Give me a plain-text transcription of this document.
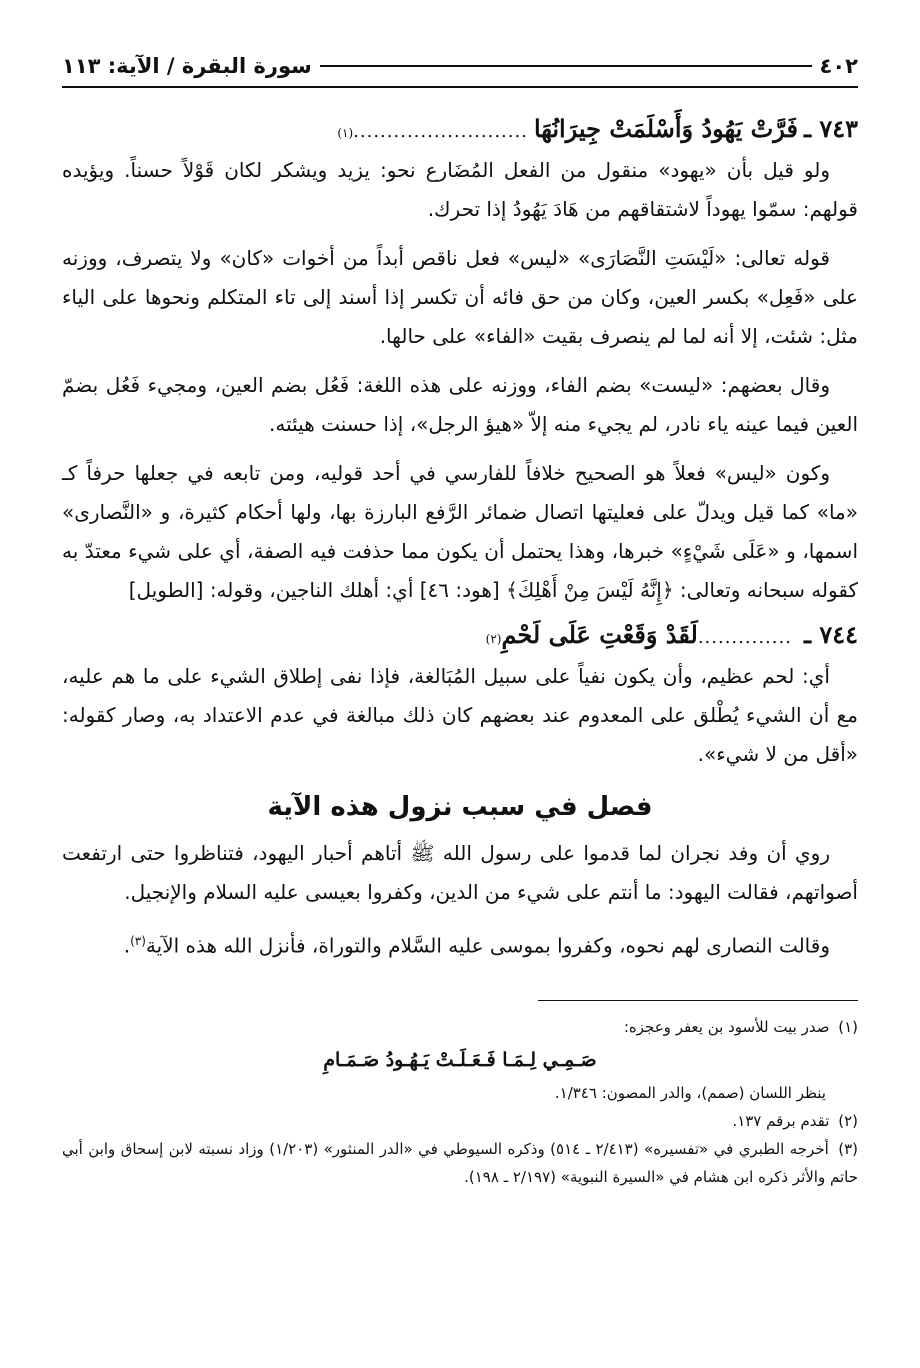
٤٠٢
سورة البقرة / الآية: ١١٣
٧٤٣ ـ
فَرَّتْ يَهُودُ وَأَسْلَمَتْ جِيرَانُهَا
..........................
(١)

ولو قيل بأن «يهود» منقول من الفعل المُضَارع نحو: يزيد ويشكر لكان قَوْلاً حسناً. ويؤيده قولهم: سمّوا يهوداً لاشتقاقهم من هَادَ يَهُودُ إذا تحرك.

قوله تعالى: «لَيْسَتِ النَّصَارَى» «ليس» فعل ناقص أبداً من أخوات «كان» ولا يتصرف، ووزنه على «فَعِل» بكسر العين، وكان من حق فائه أن تكسر إذا أسند إلى تاء المتكلم ونحوها على الياء مثل: شئت، إلا أنه لما لم ينصرف بقيت «الفاء» على حالها.

وقال بعضهم: «ليست» بضم الفاء، ووزنه على هذه اللغة: فَعُل بضم العين، ومجيء فَعُل بضمّ العين فيما عينه ياء نادر، لم يجيء منه إلاّ «هيؤ الرجل»، إذا حسنت هيئته.

وكون «ليس» فعلاً هو الصحيح خلافاً للفارسي في أحد قوليه، ومن تابعه في جعلها حرفاً كـ «ما» كما قيل ويدلّ على فعليتها اتصال ضمائر الرَّفع البارزة بها، ولها أحكام كثيرة، و «النَّصارى» اسمها، و «عَلَى شَيْءٍ» خبرها، وهذا يحتمل أن يكون مما حذفت فيه الصفة، أي على شيء معتدّ به كقوله سبحانه وتعالى: ﴿إِنَّهُ لَيْسَ مِنْ أَهْلِكَ﴾ [هود: ٤٦] أي: أهلك الناجين، وقوله: [الطويل]

٧٤٤ ـ
..............
لَقَدْ وَقَعْتِ عَلَى لَحْمِ
(٢)

أي: لحم عظيم، وأن يكون نفياً على سبيل المُبَالغة، فإذا نفى إطلاق الشيء على ما هم عليه، مع أن الشيء يُطْلق على المعدوم عند بعضهم كان ذلك مبالغة في عدم الاعتداد به، وصار كقوله: «أقل من لا شيء».

فصل في سبب نزول هذه الآية

روي أن وفد نجران لما قدموا على رسول الله ﷺ أتاهم أحبار اليهود، فتناظروا حتى ارتفعت أصواتهم، فقالت اليهود: ما أنتم على شيء من الدين، وكفروا بعيسى عليه السلام والإنجيل.

وقالت النصارى لهم نحوه، وكفروا بموسى عليه السَّلام والتوراة، فأنزل الله هذه الآية$^{(٣)}$.

(١) صدر بيت للأسود بن يعفر وعجزه:

صَـمِـي لِـمَـا فَـعَـلَـتْ يَـهُـودُ صَـمَـامِ

ينظر اللسان (صمم)، والدر المصون: ١/٣٤٦.

(٢) تقدم برقم ١٣٧.

(٣) أخرجه الطبري في «تفسيره» (٢/٤١٣ ـ ٥١٤) وذكره السيوطي في «الدر المنثور» (١/٢٠٣) وزاد نسبته لابن إسحاق وابن أبي حاتم والأثر ذكره ابن هشام في «السيرة النبوية» (٢/١٩٧ ـ ١٩٨).
